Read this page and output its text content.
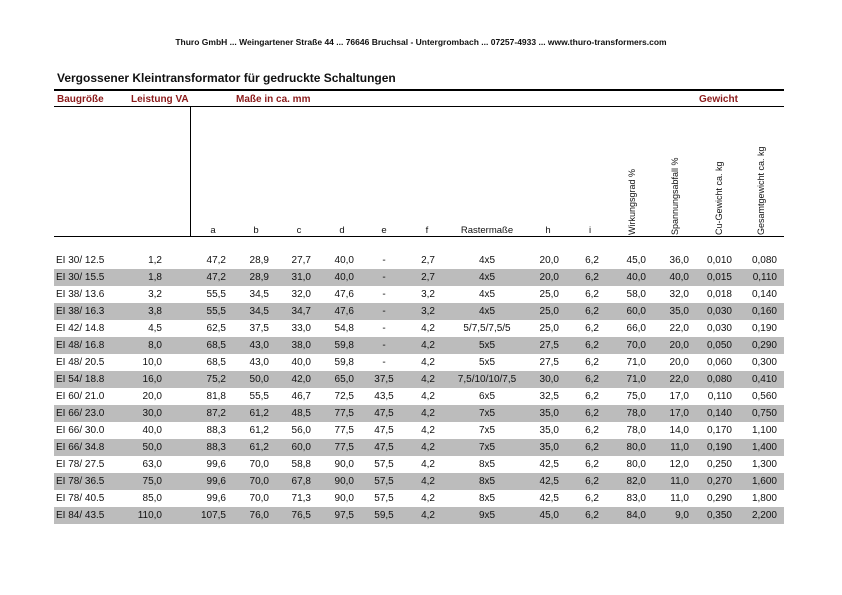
Thuro GmbH ... Weingartener Straße 44 ... 76646 Bruchsal - Untergrombach ... 07257-4933 ... www.thuro-transformers.com
Vergossener Kleintransformator für gedruckte Schaltungen
Baugröße	Leistung VA	Maße in ca. mm	Gewicht
a	b	c	d	e	f	Rastermaße	h	i	Wirkungsgrad %	Spannungsabfall %	Cu-Gewicht ca. kg	Gesamtgewicht ca. kg
EI 30/ 12.5	1,2	47,2	28,9	27,7	40,0	-	2,7	4x5	20,0	6,2	45,0	36,0	0,010	0,080
EI 30/ 15.5	1,8	47,2	28,9	31,0	40,0	-	2,7	4x5	20,0	6,2	40,0	40,0	0,015	0,110
EI 38/ 13.6	3,2	55,5	34,5	32,0	47,6	-	3,2	4x5	25,0	6,2	58,0	32,0	0,018	0,140
EI 38/ 16.3	3,8	55,5	34,5	34,7	47,6	-	3,2	4x5	25,0	6,2	60,0	35,0	0,030	0,160
EI 42/ 14.8	4,5	62,5	37,5	33,0	54,8	-	4,2	5/7,5/7,5/5	25,0	6,2	66,0	22,0	0,030	0,190
EI 48/ 16.8	8,0	68,5	43,0	38,0	59,8	-	4,2	5x5	27,5	6,2	70,0	20,0	0,050	0,290
EI 48/ 20.5	10,0	68,5	43,0	40,0	59,8	-	4,2	5x5	27,5	6,2	71,0	20,0	0,060	0,300
EI 54/ 18.8	16,0	75,2	50,0	42,0	65,0	37,5	4,2	7,5/10/10/7,5	30,0	6,2	71,0	22,0	0,080	0,410
EI 60/ 21.0	20,0	81,8	55,5	46,7	72,5	43,5	4,2	6x5	32,5	6,2	75,0	17,0	0,110	0,560
EI 66/ 23.0	30,0	87,2	61,2	48,5	77,5	47,5	4,2	7x5	35,0	6,2	78,0	17,0	0,140	0,750
EI 66/ 30.0	40,0	88,3	61,2	56,0	77,5	47,5	4,2	7x5	35,0	6,2	78,0	14,0	0,170	1,100
EI 66/ 34.8	50,0	88,3	61,2	60,0	77,5	47,5	4,2	7x5	35,0	6,2	80,0	11,0	0,190	1,400
EI 78/ 27.5	63,0	99,6	70,0	58,8	90,0	57,5	4,2	8x5	42,5	6,2	80,0	12,0	0,250	1,300
EI 78/ 36.5	75,0	99,6	70,0	67,8	90,0	57,5	4,2	8x5	42,5	6,2	82,0	11,0	0,270	1,600
EI 78/ 40.5	85,0	99,6	70,0	71,3	90,0	57,5	4,2	8x5	42,5	6,2	83,0	11,0	0,290	1,800
EI 84/ 43.5	110,0	107,5	76,0	76,5	97,5	59,5	4,2	9x5	45,0	6,2	84,0	9,0	0,350	2,200
